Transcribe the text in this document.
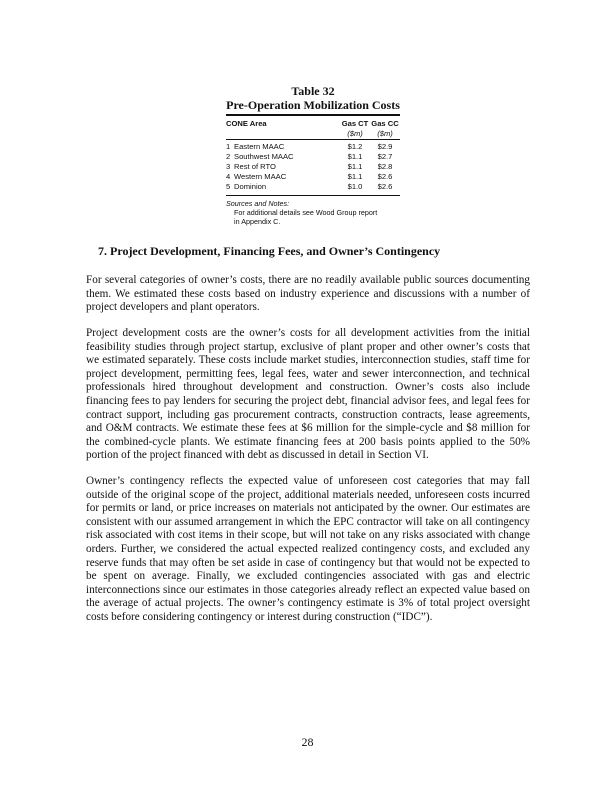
Table 32
Pre-Operation Mobilization Costs
CONE Area		Gas CT	Gas CC
		($m)	($m)
1	Eastern MAAC	$1.2	$2.9
2	Southwest MAAC	$1.1	$2.7
3	Rest of RTO	$1.1	$2.8
4	Western MAAC	$1.1	$2.6
5	Dominion	$1.0	$2.6
Sources and Notes:
For additional details see Wood Group report
in Appendix C.
7. Project Development, Financing Fees, and Owner’s Contingency

For several categories of owner’s costs, there are no readily available public sources documenting them. We estimated these costs based on industry experience and discussions with a number of project developers and plant operators.

Project development costs are the owner’s costs for all development activities from the initial feasibility studies through project startup, exclusive of plant proper and other owner’s costs that we estimated separately. These costs include market studies, interconnection studies, staff time for project development, permitting fees, legal fees, water and sewer interconnection, and technical professionals hired throughout development and construction. Owner’s costs also include financing fees to pay lenders for securing the project debt, financial advisor fees, and legal fees for contract support, including gas procurement contracts, construction contracts, lease agreements, and O&M contracts. We estimate these fees at $6 million for the simple-cycle and $8 million for the combined-cycle plants. We estimate financing fees at 200 basis points applied to the 50% portion of the project financed with debt as discussed in detail in Section VI.

Owner’s contingency reflects the expected value of unforeseen cost categories that may fall outside of the original scope of the project, additional materials needed, unforeseen costs incurred for permits or land, or price increases on materials not anticipated by the owner. Our estimates are consistent with our assumed arrangement in which the EPC contractor will take on all contingency risk associated with cost items in their scope, but will not take on any risks associated with change orders. Further, we considered the actual expected realized contingency costs, and excluded any reserve funds that may often be set aside in case of contingency but that would not be expected to be spent on average. Finally, we excluded contingencies associated with gas and electric interconnections since our estimates in those categories already reflect an expected value based on the average of actual projects. The owner’s contingency estimate is 3% of total project oversight costs before considering contingency or interest during construction (“IDC”).

28
